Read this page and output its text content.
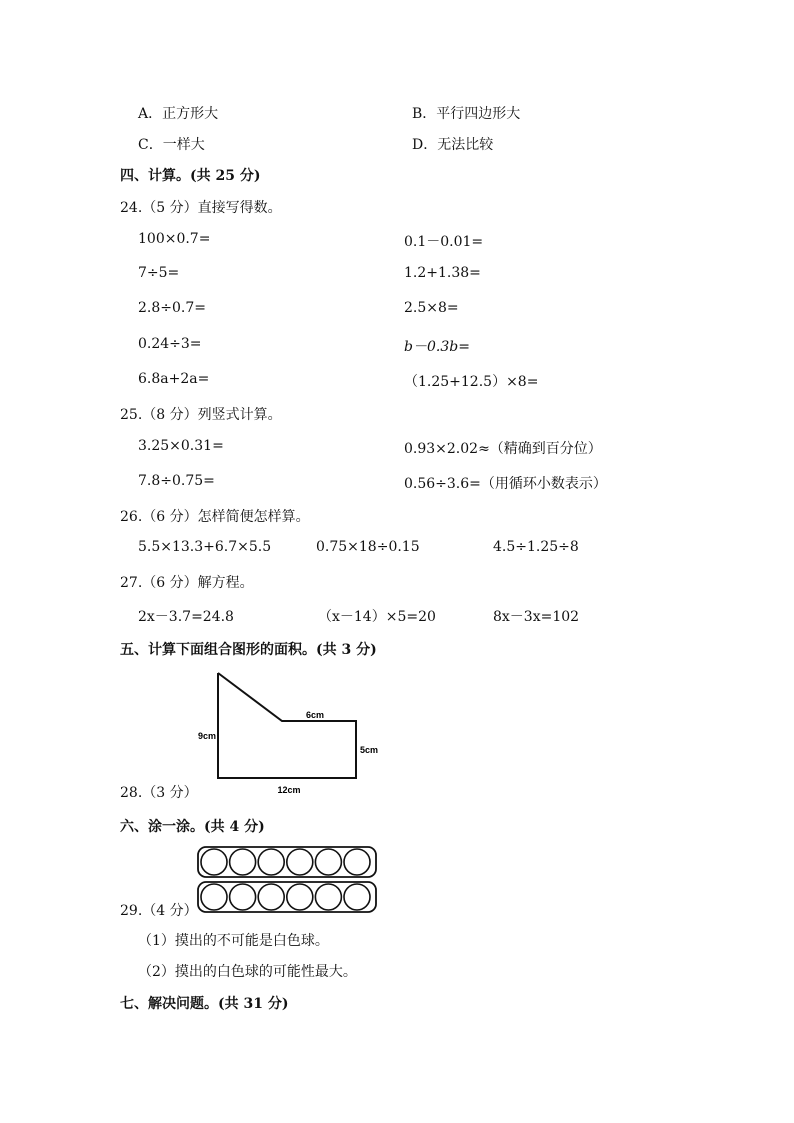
A．正方形大	B．平行四边形大
C．一样大	D．无法比较
四、计算。(共 25 分)
24.（5 分）直接写得数。
100×0.7=	0.1－0.01=
7÷5=	1.2+1.38=
2.8÷0.7=	2.5×8=
0.24÷3=	b－0.3b=
6.8a+2a=	（1.25+12.5）×8=
25.（8 分）列竖式计算。
3.25×0.31=	0.93×2.02≈（精确到百分位）
7.8÷0.75=	0.56÷3.6=（用循环小数表示）
26.（6 分）怎样简便怎样算。
5.5×13.3+6.7×5.5	0.75×18÷0.15	4.5÷1.25÷8
27.（6 分）解方程。
2x－3.7=24.8	（x－14）×5=20	8x－3x=102
五、计算下面组合图形的面积。(共 3 分)
6cm
9cm
5cm
12cm
28.（3 分）
六、涂一涂。(共 4 分)
29.（4 分）
（1）摸出的不可能是白色球。
（2）摸出的白色球的可能性最大。
七、解决问题。(共 31 分)
